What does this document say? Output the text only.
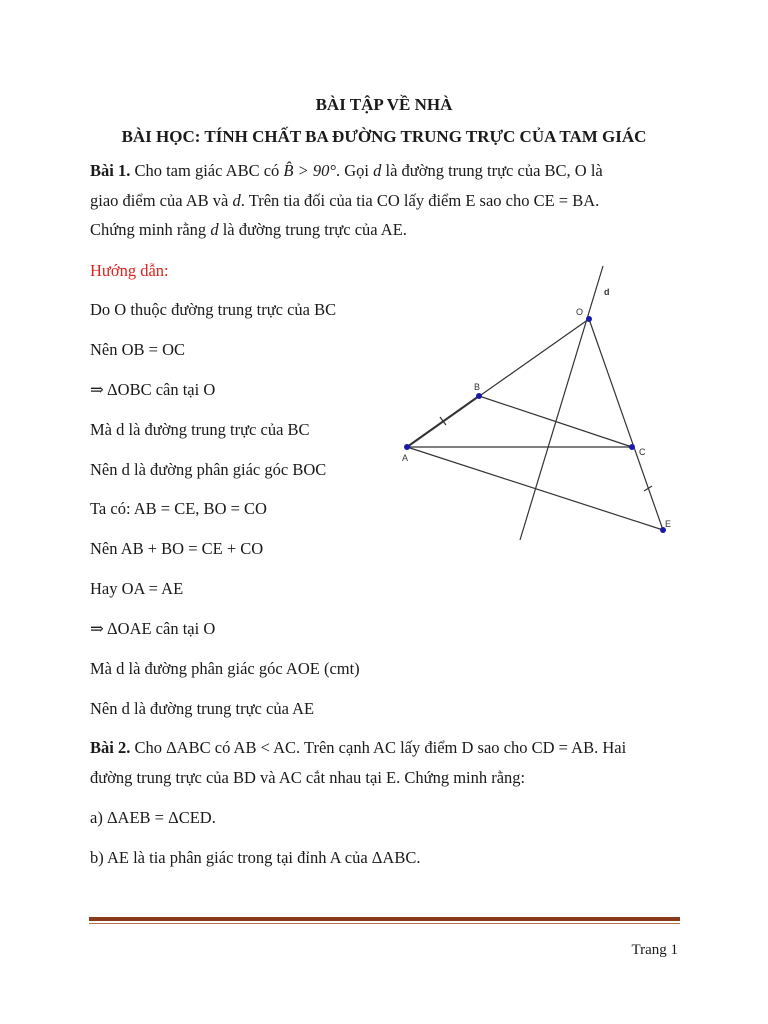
BÀI TẬP VỀ NHÀ
BÀI HỌC: TÍNH CHẤT BA ĐƯỜNG TRUNG TRỰC CỦA TAM GIÁC
Bài 1. Cho tam giác ABC có B̂ > 90°. Gọi d là đường trung trực của BC, O là
giao điểm của AB và d. Trên tia đối của tia CO lấy điểm E sao cho CE = BA.
Chứng minh rằng d là đường trung trực của AE.
Hướng dẫn:
Do O thuộc đường trung trực của BC
Nên OB = OC
⇒ ΔOBC cân tại O
Mà d là đường trung trực của BC
Nên d là đường phân giác góc BOC
Ta có: AB = CE, BO = CO
Nên AB + BO = CE + CO
Hay OA = AE
⇒ ΔOAE cân tại O
Mà d là đường phân giác góc AOE (cmt)
Nên d là đường trung trực của AE
O
B
A
C
E
d
Bài 2. Cho ΔABC có AB < AC. Trên cạnh AC lấy điểm D sao cho CD = AB. Hai
đường trung trực của BD và AC cắt nhau tại E. Chứng minh rằng:
a) ΔAEB = ΔCED.
b) AE là tia phân giác trong tại đỉnh A của ΔABC.
Trang 1
